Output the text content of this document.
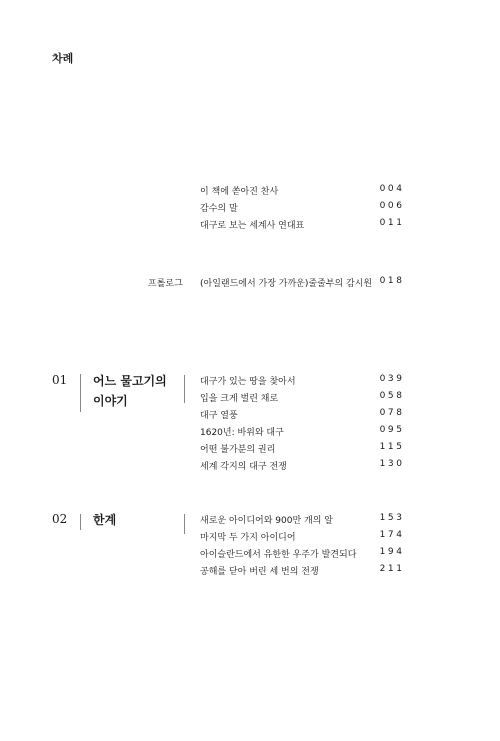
차례
이 책에 쏟아진 찬사	004
감수의 말	006
대구로 보는 세계사 연대표	011
프롤로그 (아일랜드에서 가장 가까운)줄줄부의 감시원 018
01 어느 물고기의
이야기
대구가 있는 땅을 찾아서	039
입을 크게 벌린 채로	058
대구 열풍	078
1620년: 바위와 대구	095
어떤 불가분의 권리	115
세계 각지의 대구 전쟁	130
02 한계	새로운 아이디어와 900만 개의 알	153
마지막 두 가지 아이디어	174
아이슬란드에서 유한한 우주가 발견되다	194
공해를 닫아 버린 세 번의 전쟁	211
